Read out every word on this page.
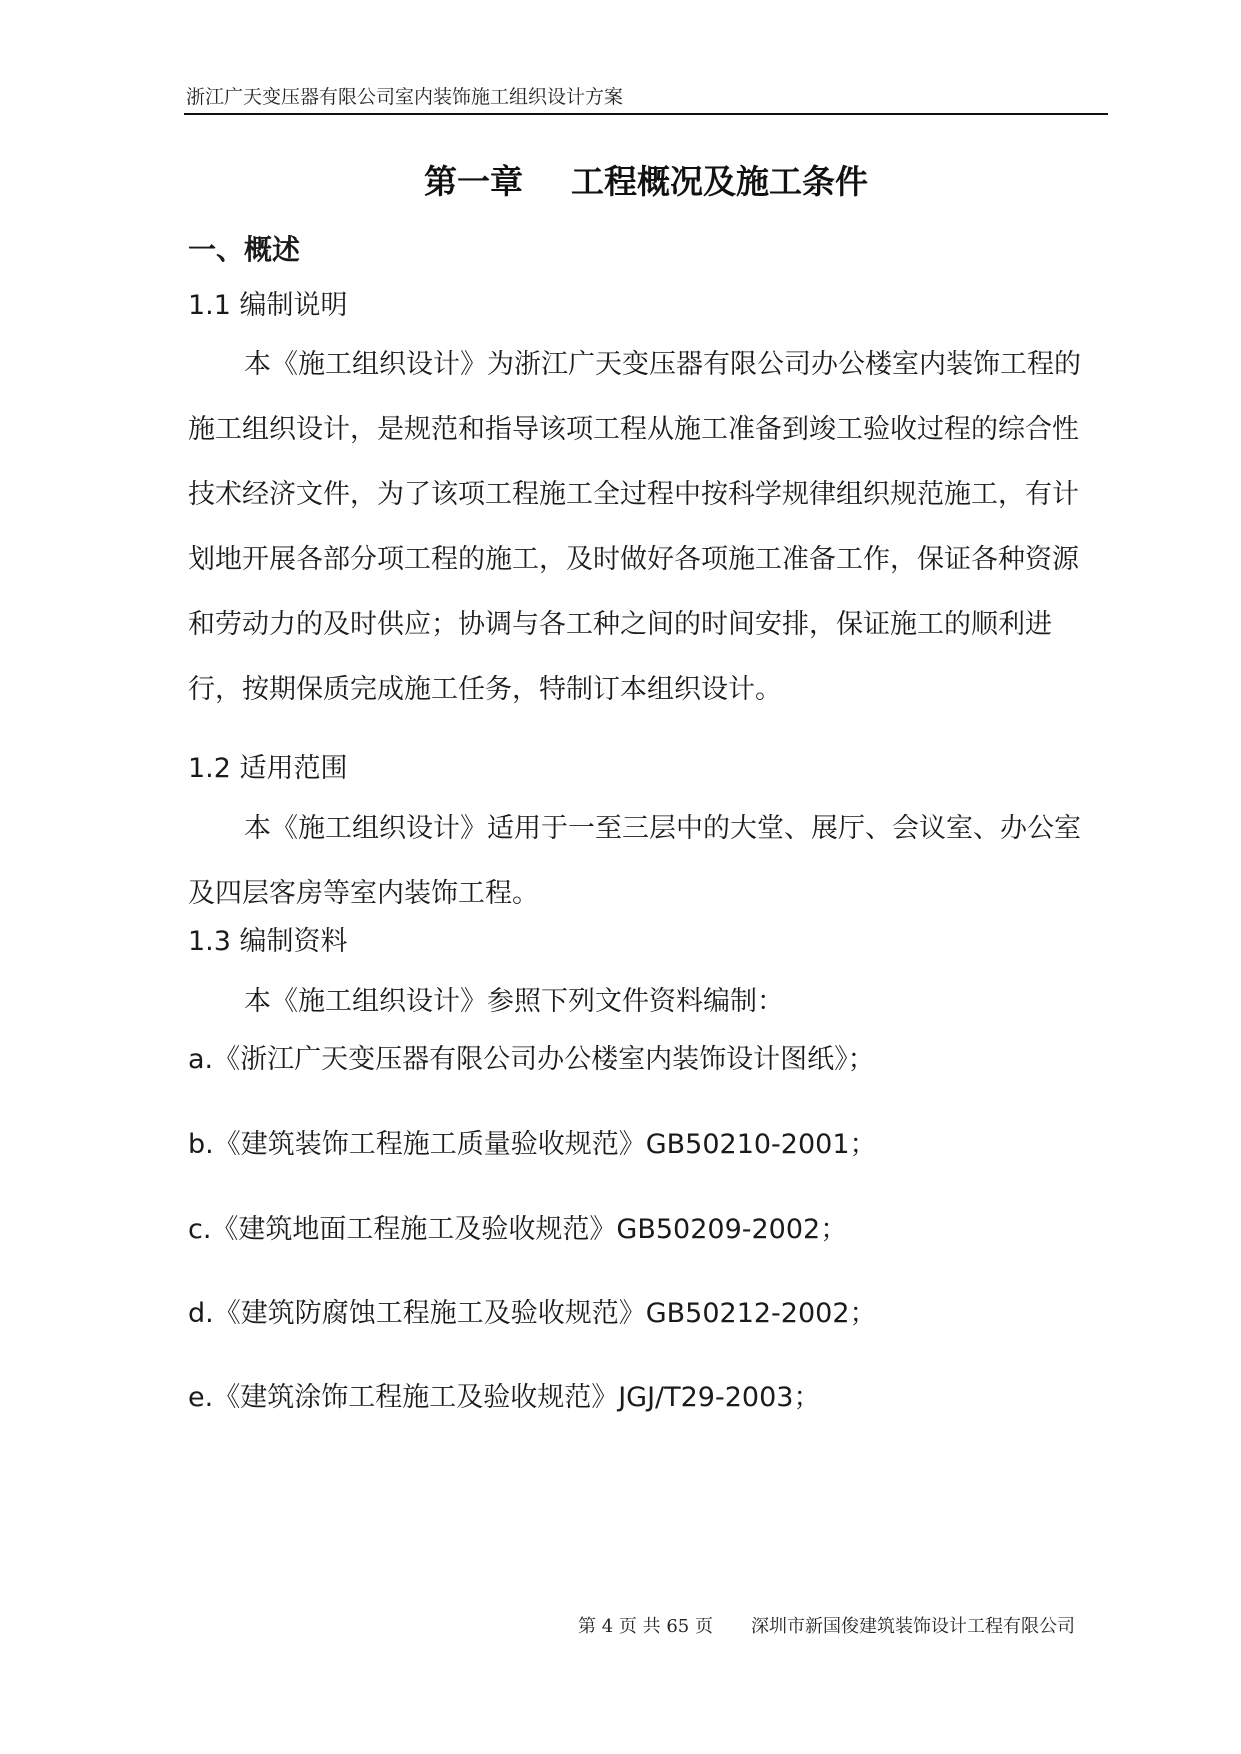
浙江广天变压器有限公司室内装饰施工组织设计方案
第一章 工程概况及施工条件
一、概述
1.1 编制说明
本《施工组织设计》为浙江广天变压器有限公司办公楼室内装饰工程的施工组织设计，是规范和指导该项工程从施工准备到竣工验收过程的综合性技术经济文件，为了该项工程施工全过程中按科学规律组织规范施工，有计划地开展各部分项工程的施工，及时做好各项施工准备工作，保证各种资源和劳动力的及时供应；协调与各工种之间的时间安排，保证施工的顺利进行，按期保质完成施工任务，特制订本组织设计。
1.2 适用范围
本《施工组织设计》适用于一至三层中的大堂、展厅、会议室、办公室及四层客房等室内装饰工程。
1.3 编制资料
本《施工组织设计》参照下列文件资料编制：
a.《浙江广天变压器有限公司办公楼室内装饰设计图纸》；
b.《建筑装饰工程施工质量验收规范》GB50210-2001；
c.《建筑地面工程施工及验收规范》GB50209-2002；
d.《建筑防腐蚀工程施工及验收规范》GB50212-2002；
e.《建筑涂饰工程施工及验收规范》JGJ/T29-2003；
第 4 页 共 65 页 深圳市新国俊建筑装饰设计工程有限公司
